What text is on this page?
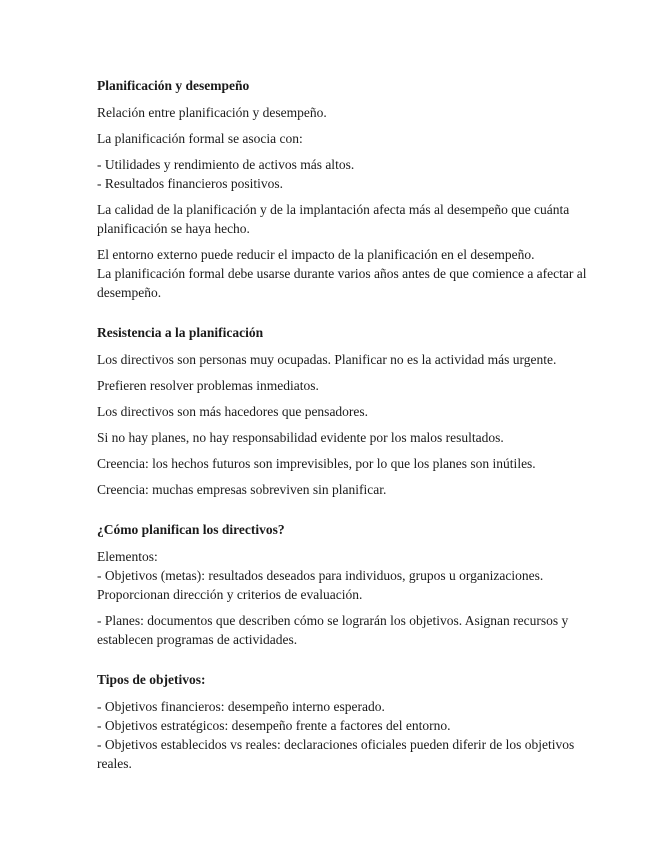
Planificación y desempeño

Relación entre planificación y desempeño.

La planificación formal se asocia con:

- Utilidades y rendimiento de activos más altos.
- Resultados financieros positivos.

La calidad de la planificación y de la implantación afecta más al desempeño que cuánta planificación se haya hecho.

El entorno externo puede reducir el impacto de la planificación en el desempeño.
La planificación formal debe usarse durante varios años antes de que comience a afectar al desempeño.

Resistencia a la planificación

Los directivos son personas muy ocupadas. Planificar no es la actividad más urgente.

Prefieren resolver problemas inmediatos.

Los directivos son más hacedores que pensadores.

Si no hay planes, no hay responsabilidad evidente por los malos resultados.

Creencia: los hechos futuros son imprevisibles, por lo que los planes son inútiles.

Creencia: muchas empresas sobreviven sin planificar.

¿Cómo planifican los directivos?

Elementos:
- Objetivos (metas): resultados deseados para individuos, grupos u organizaciones. Proporcionan dirección y criterios de evaluación.

- Planes: documentos que describen cómo se lograrán los objetivos. Asignan recursos y establecen programas de actividades.

Tipos de objetivos:

- Objetivos financieros: desempeño interno esperado.
- Objetivos estratégicos: desempeño frente a factores del entorno.
- Objetivos establecidos vs reales: declaraciones oficiales pueden diferir de los objetivos reales.
